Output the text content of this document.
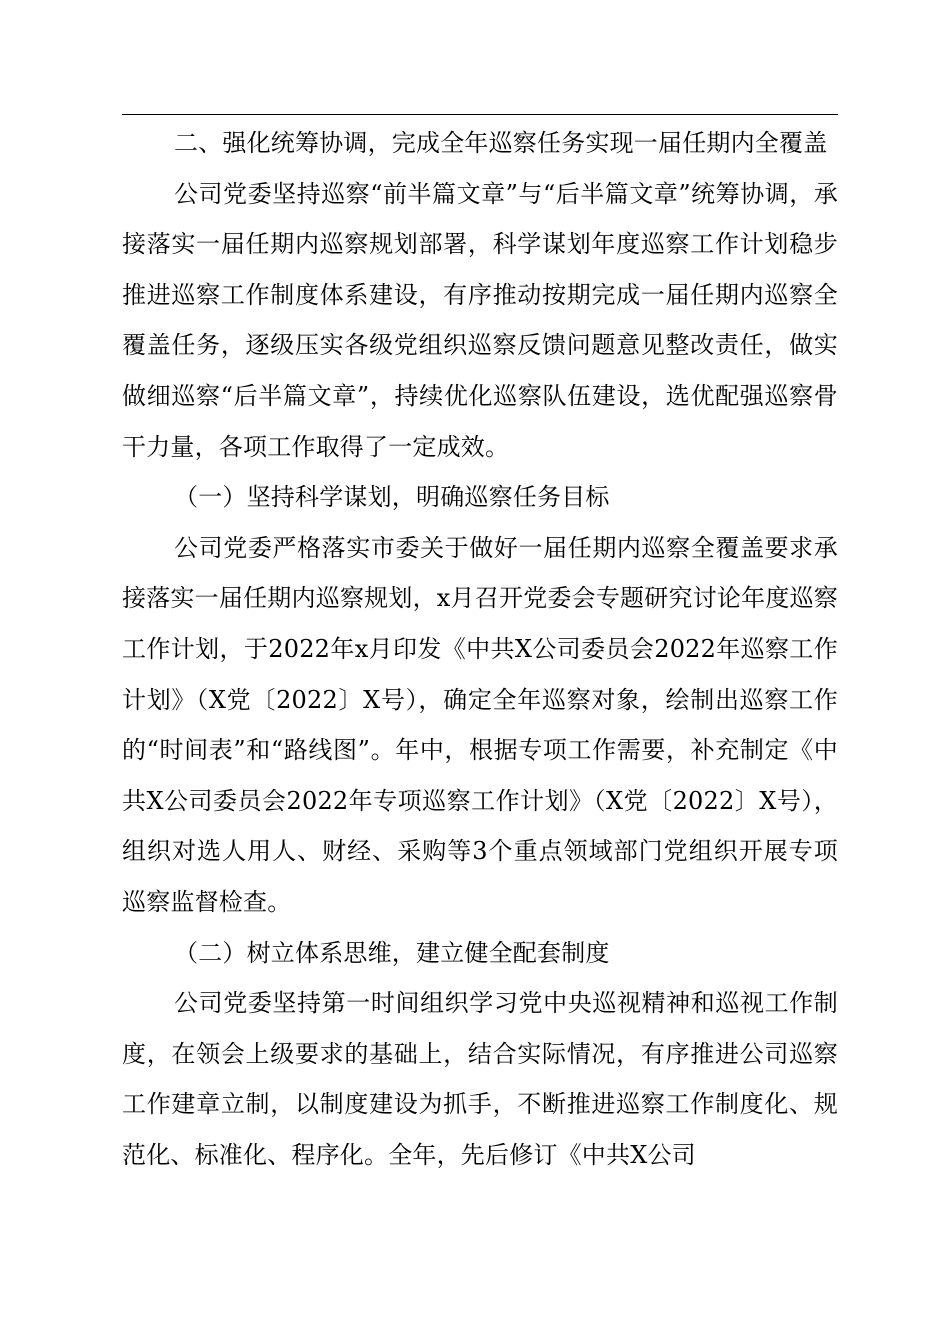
二、强化统筹协调，完成全年巡察任务实现一届任期内全覆盖

公司党委坚持巡察“前半篇文章”与“后半篇文章”统筹协调，承接落实一届任期内巡察规划部署，科学谋划年度巡察工作计划稳步推进巡察工作制度体系建设，有序推动按期完成一届任期内巡察全覆盖任务，逐级压实各级党组织巡察反馈问题意见整改责任，做实做细巡察“后半篇文章”，持续优化巡察队伍建设，选优配强巡察骨干力量，各项工作取得了一定成效。

（一）坚持科学谋划，明确巡察任务目标

公司党委严格落实市委关于做好一届任期内巡察全覆盖要求承接落实一届任期内巡察规划，x月召开党委会专题研究讨论年度巡察工作计划，于2022年x月印发《中共X公司委员会2022年巡察工作计划》（X党〔2022〕X号），确定全年巡察对象，绘制出巡察工作的“时间表”和“路线图”。年中，根据专项工作需要，补充制定《中共X公司委员会2022年专项巡察工作计划》（X党〔2022〕X号），组织对选人用人、财经、采购等3个重点领域部门党组织开展专项巡察监督检查。

（二）树立体系思维，建立健全配套制度

公司党委坚持第一时间组织学习党中央巡视精神和巡视工作制度，在领会上级要求的基础上，结合实际情况，有序推进公司巡察工作建章立制，以制度建设为抓手，不断推进巡察工作制度化、规范化、标准化、程序化。全年，先后修订《中共X公司
